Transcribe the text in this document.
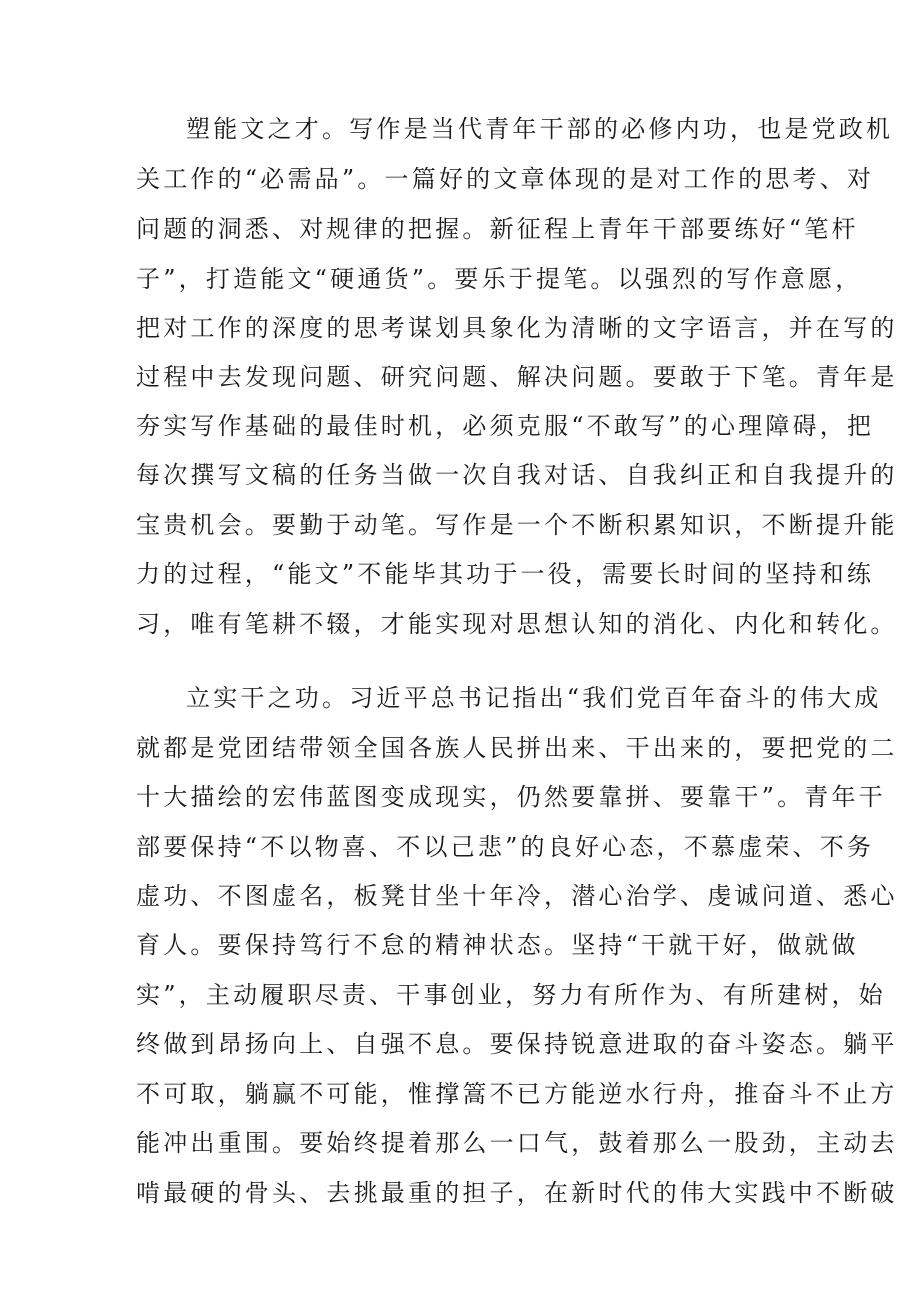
塑能文之才。写作是当代青年干部的必修内功，也是党政机
关工作的“必需品”。一篇好的文章体现的是对工作的思考、对
问题的洞悉、对规律的把握。新征程上青年干部要练好“笔杆
子”，打造能文“硬通货”。要乐于提笔。以强烈的写作意愿，
把对工作的深度的思考谋划具象化为清晰的文字语言，并在写的
过程中去发现问题、研究问题、解决问题。要敢于下笔。青年是
夯实写作基础的最佳时机，必须克服“不敢写”的心理障碍，把
每次撰写文稿的任务当做一次自我对话、自我纠正和自我提升的
宝贵机会。要勤于动笔。写作是一个不断积累知识，不断提升能
力的过程，“能文”不能毕其功于一役，需要长时间的坚持和练
习，唯有笔耕不辍，才能实现对思想认知的消化、内化和转化。
立实干之功。习近平总书记指出“我们党百年奋斗的伟大成
就都是党团结带领全国各族人民拼出来、干出来的，要把党的二
十大描绘的宏伟蓝图变成现实，仍然要靠拼、要靠干”。青年干
部要保持“不以物喜、不以己悲”的良好心态，不慕虚荣、不务
虚功、不图虚名，板凳甘坐十年冷，潜心治学、虔诚问道、悉心
育人。要保持笃行不怠的精神状态。坚持“干就干好，做就做
实”，主动履职尽责、干事创业，努力有所作为、有所建树，始
终做到昂扬向上、自强不息。要保持锐意进取的奋斗姿态。躺平
不可取，躺赢不可能，惟撑篙不已方能逆水行舟，推奋斗不止方
能冲出重围。要始终提着那么一口气，鼓着那么一股劲，主动去
啃最硬的骨头、去挑最重的担子，在新时代的伟大实践中不断破
